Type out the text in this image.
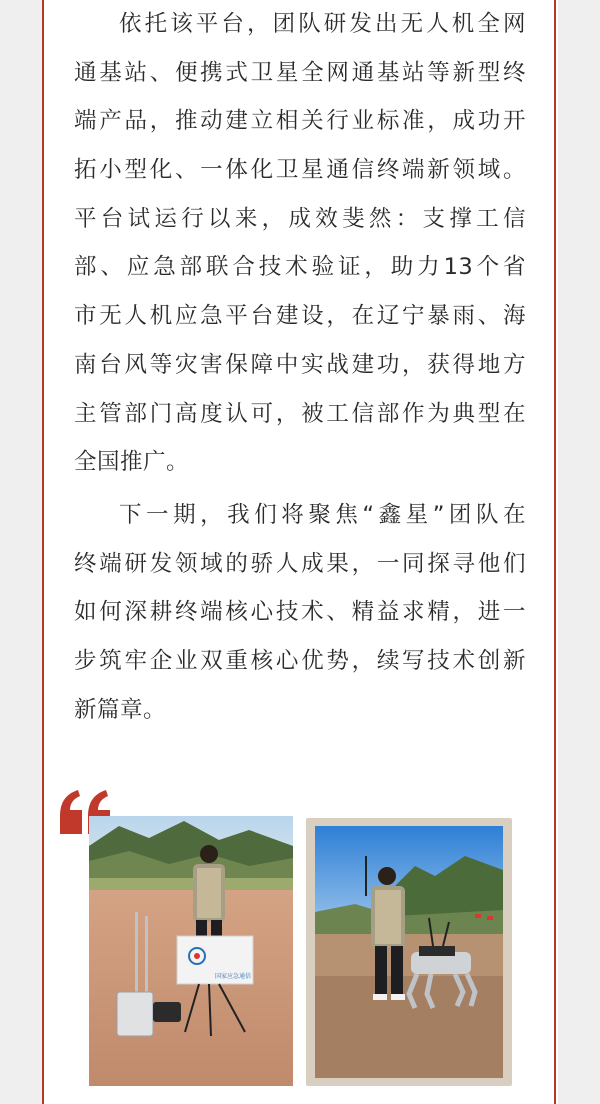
依托该平台，团队研发出无人机全网
通基站、便携式卫星全网通基站等新型终
端产品，推动建立相关行业标准，成功开
拓小型化、一体化卫星通信终端新领域。
平台试运行以来，成效斐然：支撑工信
部、应急部联合技术验证，助力13个省
市无人机应急平台建设，在辽宁暴雨、海
南台风等灾害保障中实战建功，获得地方
主管部门高度认可，被工信部作为典型在
全国推广。
下一期，我们将聚焦“鑫星”团队在
终端研发领域的骄人成果，一同探寻他们
如何深耕终端核心技术、精益求精，进一
步筑牢企业双重核心优势，续写技术创新
新篇章。
国家应急通信
